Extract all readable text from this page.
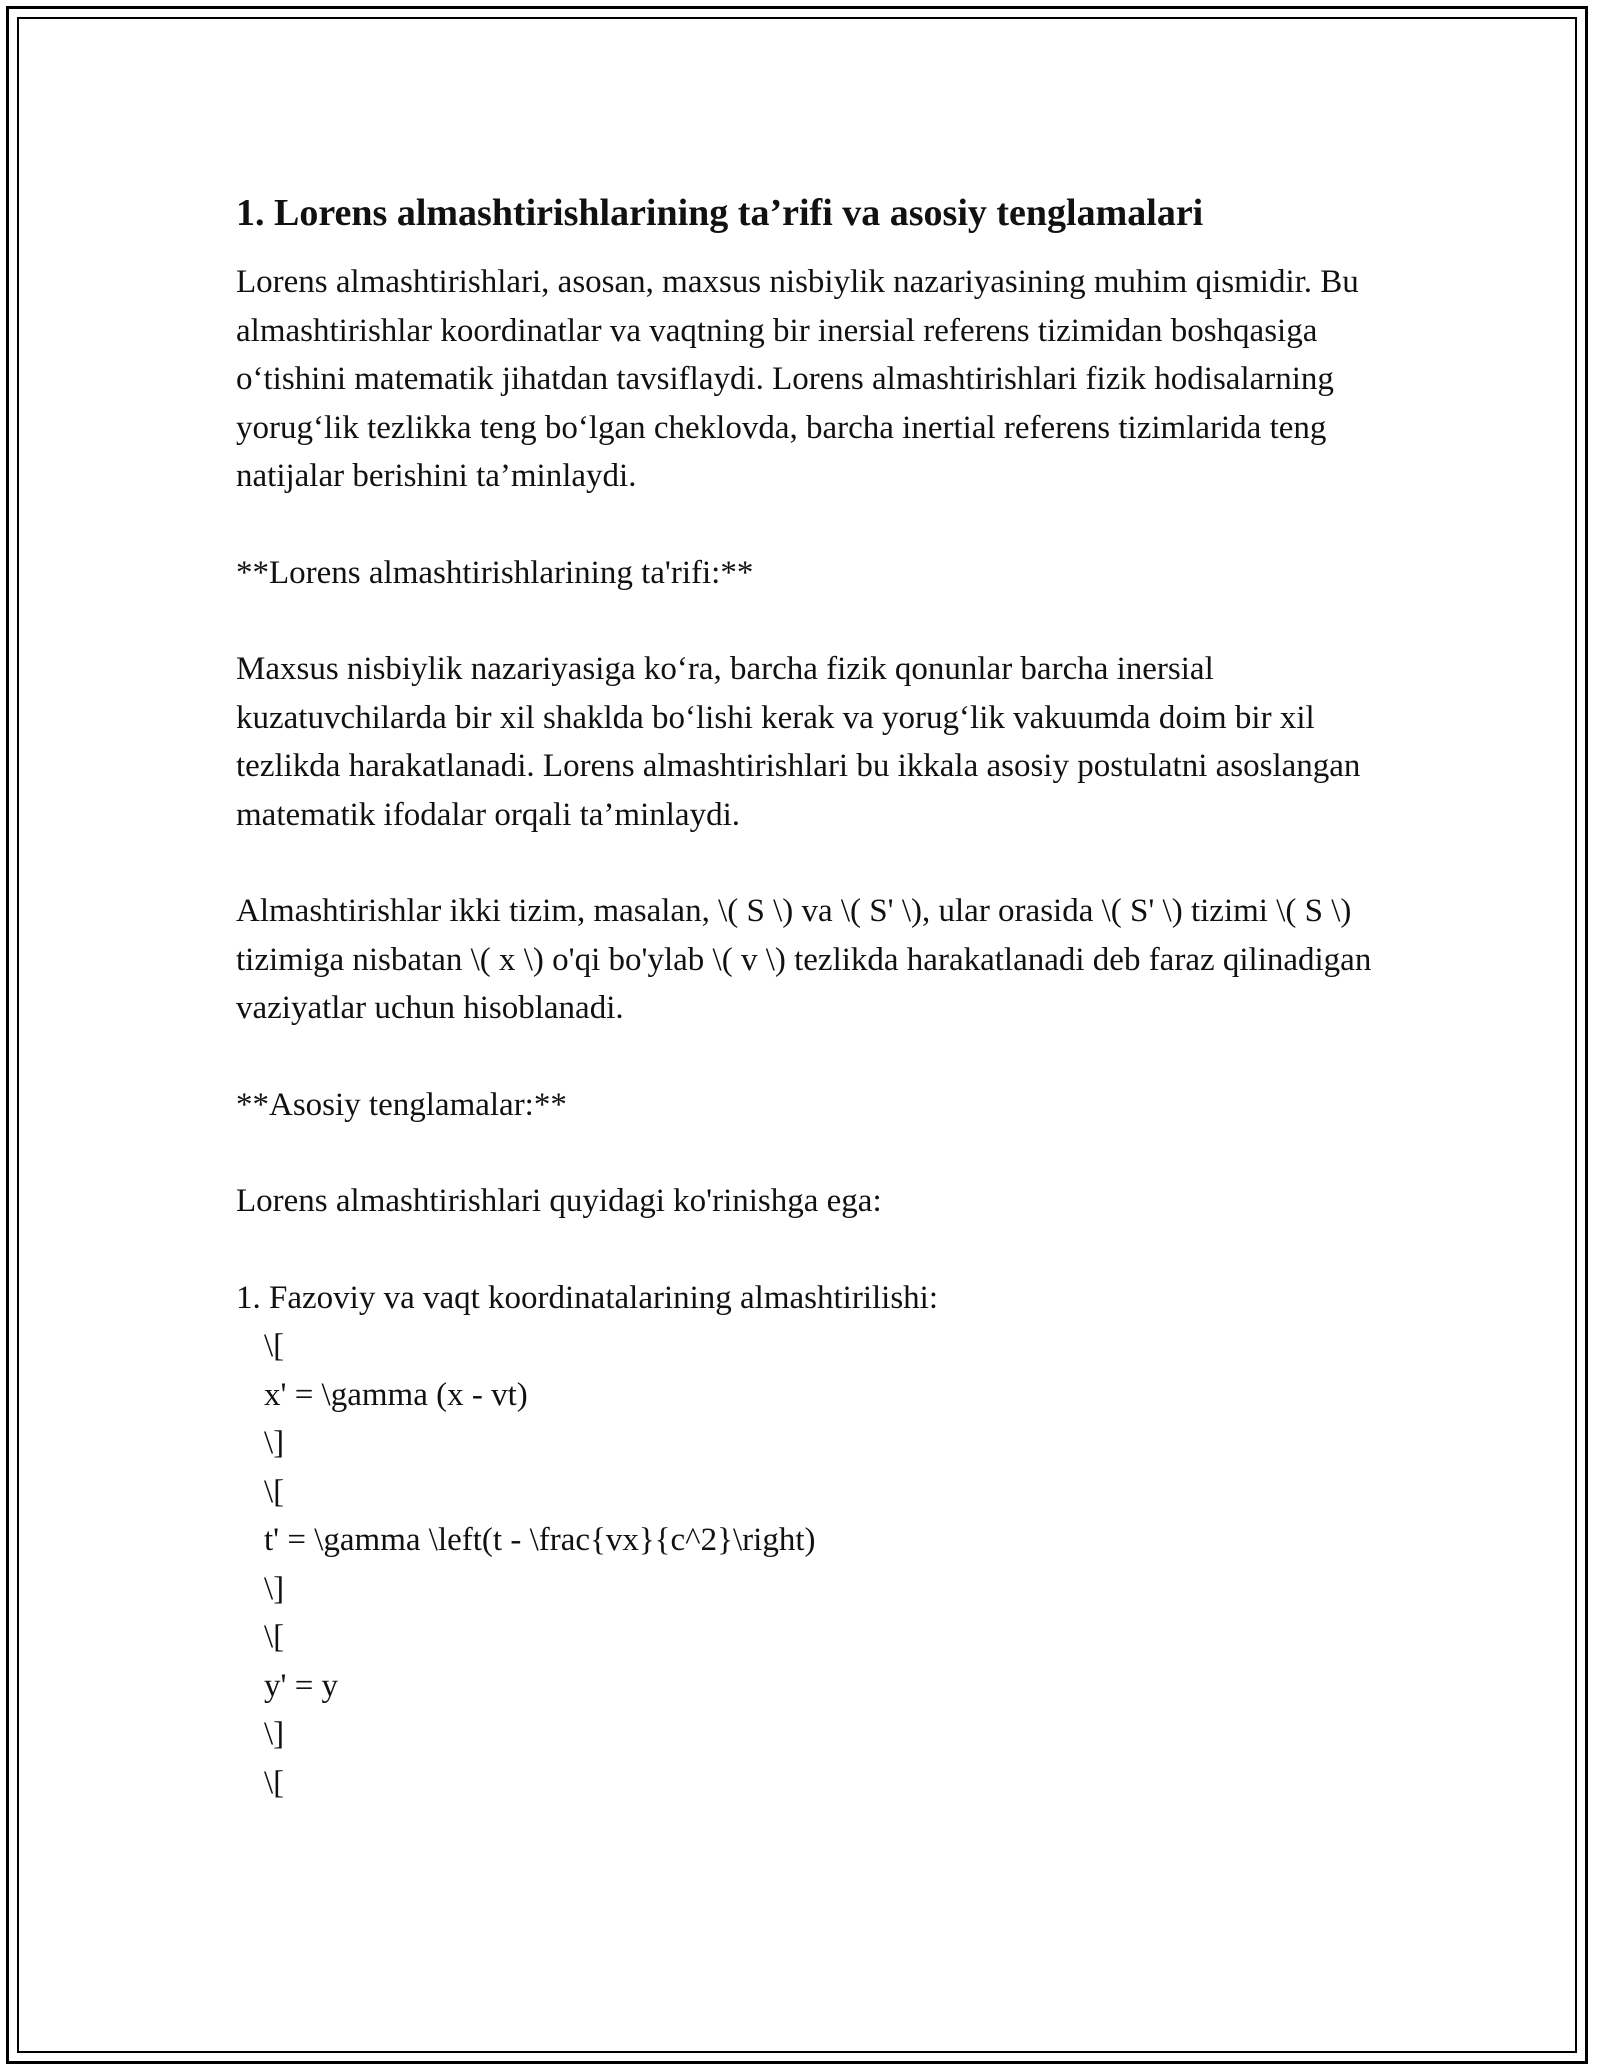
1. Lorens almashtirishlarining ta’rifi va asosiy tenglamalari

Lorens almashtirishlari, asosan, maxsus nisbiylik nazariyasining muhim qismidir. Bu almashtirishlar koordinatlar va vaqtning bir inersial referens tizimidan boshqasiga o‘tishini matematik jihatdan tavsiflaydi. Lorens almashtirishlari fizik hodisalarning yorug‘lik tezlikka teng bo‘lgan cheklovda, barcha inertial referens tizimlarida teng natijalar berishini ta’minlaydi.

**Lorens almashtirishlarining ta'rifi:**

Maxsus nisbiylik nazariyasiga ko‘ra, barcha fizik qonunlar barcha inersial kuzatuvchilarda bir xil shaklda bo‘lishi kerak va yorug‘lik vakuumda doim bir xil tezlikda harakatlanadi. Lorens almashtirishlari bu ikkala asosiy postulatni asoslangan matematik ifodalar orqali ta’minlaydi.

Almashtirishlar ikki tizim, masalan, \( S \) va \( S' \), ular orasida \( S' \) tizimi \( S \) tizimiga nisbatan \( x \) o'qi bo'ylab \( v \) tezlikda harakatlanadi deb faraz qilinadigan vaziyatlar uchun hisoblanadi.

**Asosiy tenglamalar:**

Lorens almashtirishlari quyidagi ko'rinishga ega:

1. Fazoviy va vaqt koordinatalarining almashtirilishi:
\[
x' = \gamma (x - vt)
\]
\[
t' = \gamma \left(t - \frac{vx}{c^2}\right)
\]
\[
y' = y
\]
\[
